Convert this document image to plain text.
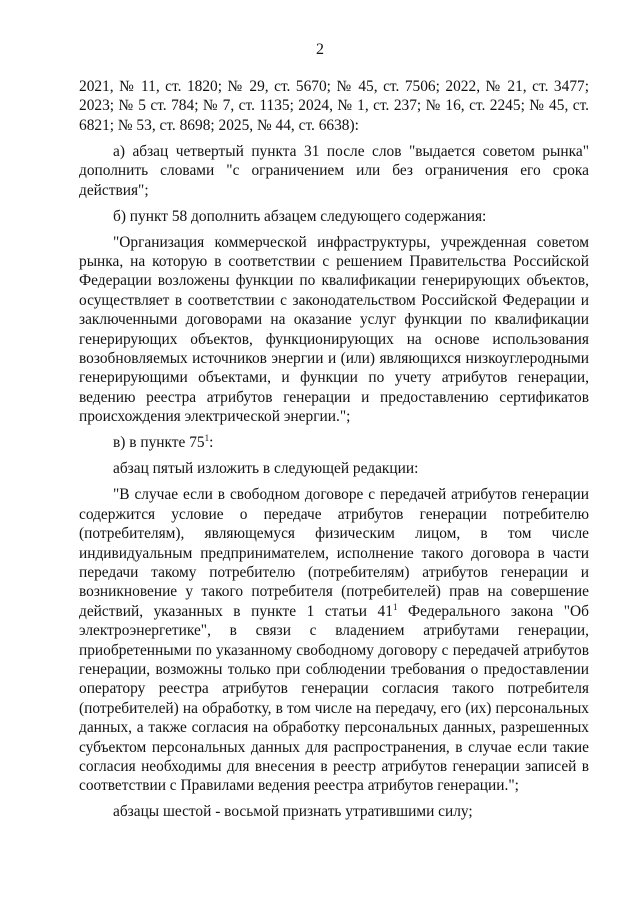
2

2021, № 11, ст. 1820; № 29, ст. 5670; № 45, ст. 7506; 2022, № 21, ст. 3477; 2023; № 5 ст. 784; № 7, ст. 1135; 2024, № 1, ст. 237; № 16, ст. 2245; № 45, ст. 6821; № 53, ст. 8698; 2025, № 44, ст. 6638):

а) абзац четвертый пункта 31 после слов "выдается советом рынка" дополнить словами "с ограничением или без ограничения его срока действия";

б) пункт 58 дополнить абзацем следующего содержания:

"Организация коммерческой инфраструктуры, учрежденная советом рынка, на которую в соответствии с решением Правительства Российской Федерации возложены функции по квалификации генерирующих объектов, осуществляет в соответствии с законодательством Российской Федерации и заключенными договорами на оказание услуг функции по квалификации генерирующих объектов, функционирующих на основе использования возобновляемых источников энергии и (или) являющихся низкоуглеродными генерирующими объектами, и функции по учету атрибутов генерации, ведению реестра атрибутов генерации и предоставлению сертификатов происхождения электрической энергии.";

в) в пункте $75^1$:

абзац пятый изложить в следующей редакции:

"В случае если в свободном договоре с передачей атрибутов генерации содержится условие о передаче атрибутов генерации потребителю (потребителям), являющемуся физическим лицом, в том числе индивидуальным предпринимателем, исполнение такого договора в части передачи такому потребителю (потребителям) атрибутов генерации и возникновение у такого потребителя (потребителей) прав на совершение действий, указанных в пункте 1 статьи $41^1$ Федерального закона "Об электроэнергетике", в связи с владением атрибутами генерации, приобретенными по указанному свободному договору с передачей атрибутов генерации, возможны только при соблюдении требования о предоставлении оператору реестра атрибутов генерации согласия такого потребителя (потребителей) на обработку, в том числе на передачу, его (их) персональных данных, а также согласия на обработку персональных данных, разрешенных субъектом персональных данных для распространения, в случае если такие согласия необходимы для внесения в реестр атрибутов генерации записей в соответствии с Правилами ведения реестра атрибутов генерации.";

абзацы шестой - восьмой признать утратившими силу;
